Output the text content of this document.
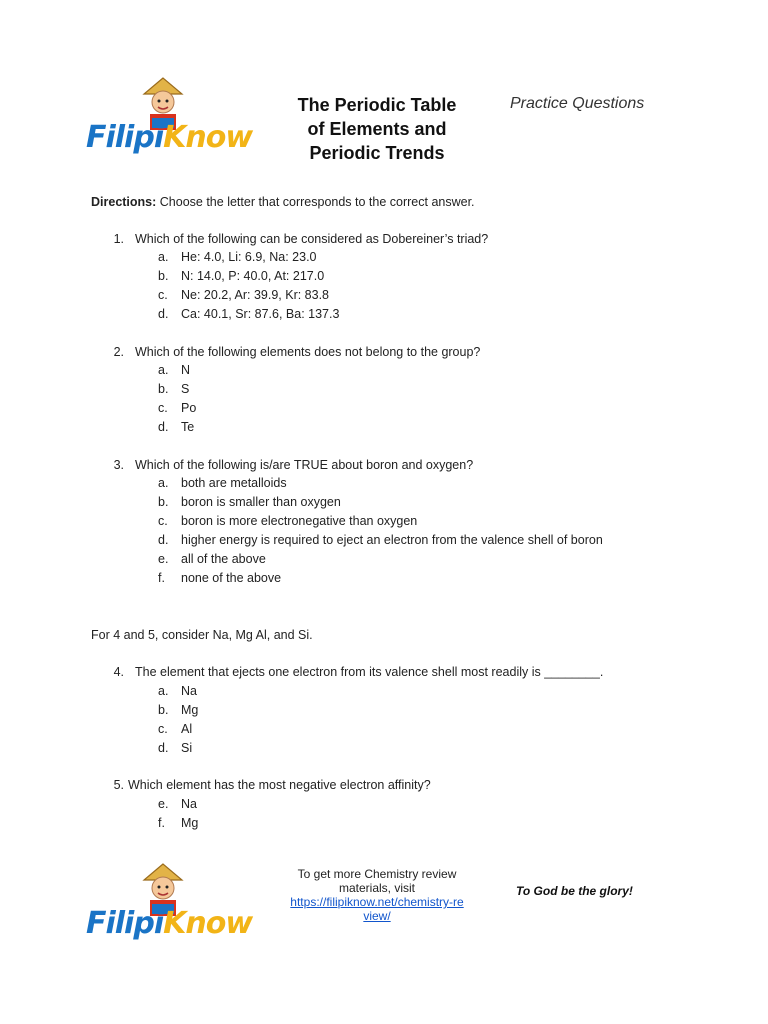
FilipiKnow
The Periodic Table
of Elements and
Periodic Trends
Practice Questions
Directions: Choose the letter that corresponds to the correct answer.
1. Which of the following can be considered as Dobereiner’s triad?
a. He: 4.0, Li: 6.9, Na: 23.0
b. N: 14.0, P: 40.0, At: 217.0
c. Ne: 20.2, Ar: 39.9, Kr: 83.8
d. Ca: 40.1, Sr: 87.6, Ba: 137.3
2. Which of the following elements does not belong to the group?
a. N
b. S
c. Po
d. Te
3. Which of the following is/are TRUE about boron and oxygen?
a. both are metalloids
b. boron is smaller than oxygen
c. boron is more electronegative than oxygen
d. higher energy is required to eject an electron from the valence shell of boron
e. all of the above
f. none of the above
For 4 and 5, consider Na, Mg Al, and Si.
4. The element that ejects one electron from its valence shell most readily is ________.
a. Na
b. Mg
c. Al
d. Si
5. Which element has the most negative electron affinity?
e. Na
f. Mg
FilipiKnow
To get more Chemistry review
materials, visit
https://filipiknow.net/chemistry-re
view/
To God be the glory!
